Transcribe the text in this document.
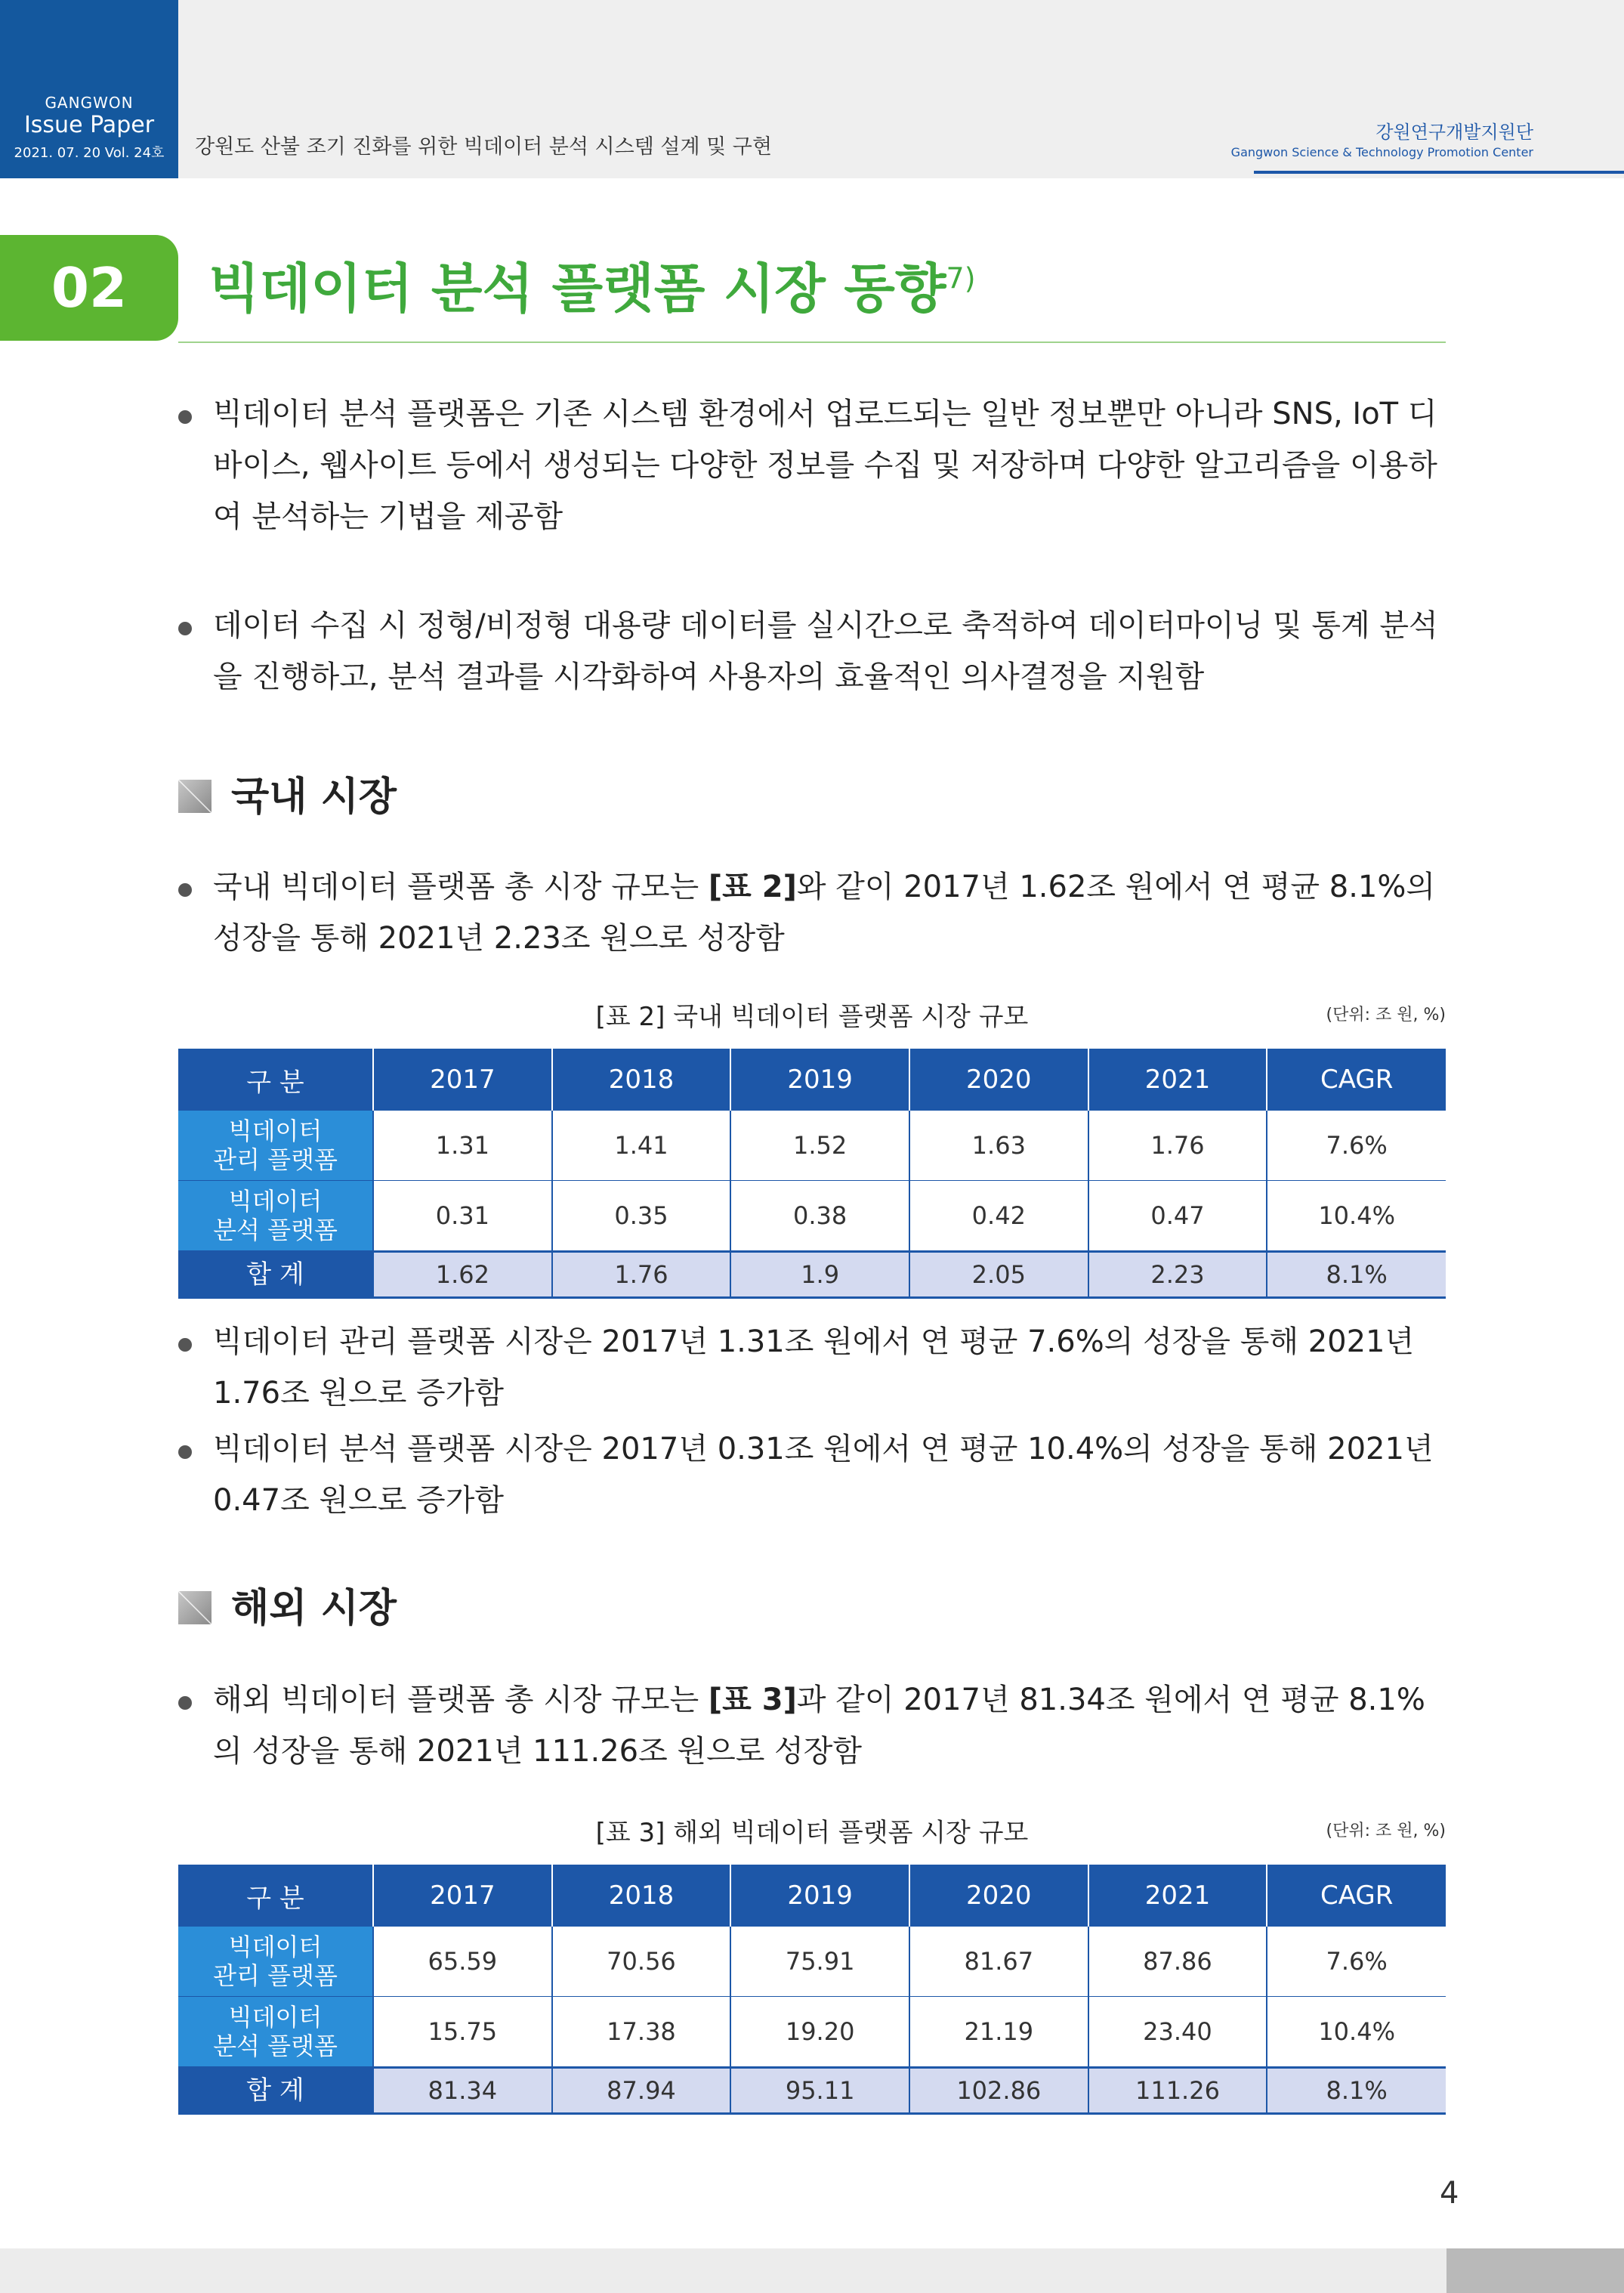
GANGWON
Issue Paper
2021. 07. 20 Vol. 24호	강원도 산불 조기 진화를 위한 빅데이터 분석 시스템 설계 및 구현
강원연구개발지원단
Gangwon Science & Technology Promotion Center
02	빅데이터 분석 플랫폼 시장 동향$^{7)}$
빅데이터 분석 플랫폼은 기존 시스템 환경에서 업로드되는 일반 정보뿐만 아니라 SNS, IoT 디바이스, 웹사이트 등에서 생성되는 다양한 정보를 수집 및 저장하며 다양한 알고리즘을 이용하여 분석하는 기법을 제공함
데이터 수집 시 정형/비정형 대용량 데이터를 실시간으로 축적하여 데이터마이닝 및 통계 분석을 진행하고, 분석 결과를 시각화하여 사용자의 효율적인 의사결정을 지원함
국내 시장
국내 빅데이터 플랫폼 총 시장 규모는 [표 2]와 같이 2017년 1.62조 원에서 연 평균 8.1%의 성장을 통해 2021년 2.23조 원으로 성장함
[표 2] 국내 빅데이터 플랫폼 시장 규모	(단위: 조 원, %)
구 분	2017	2018	2019	2020	2021	CAGR
빅데이터
관리 플랫폼	1.31	1.41	1.52	1.63	1.76	7.6%
빅데이터
분석 플랫폼	0.31	0.35	0.38	0.42	0.47	10.4%
합 계	1.62	1.76	1.9	2.05	2.23	8.1%
빅데이터 관리 플랫폼 시장은 2017년 1.31조 원에서 연 평균 7.6%의 성장을 통해 2021년 1.76조 원으로 증가함
빅데이터 분석 플랫폼 시장은 2017년 0.31조 원에서 연 평균 10.4%의 성장을 통해 2021년 0.47조 원으로 증가함
해외 시장
해외 빅데이터 플랫폼 총 시장 규모는 [표 3]과 같이 2017년 81.34조 원에서 연 평균 8.1%의 성장을 통해 2021년 111.26조 원으로 성장함
[표 3] 해외 빅데이터 플랫폼 시장 규모	(단위: 조 원, %)
구 분	2017	2018	2019	2020	2021	CAGR
빅데이터
관리 플랫폼	65.59	70.56	75.91	81.67	87.86	7.6%
빅데이터
분석 플랫폼	15.75	17.38	19.20	21.19	23.40	10.4%
합 계	81.34	87.94	95.11	102.86	111.26	8.1%
4
